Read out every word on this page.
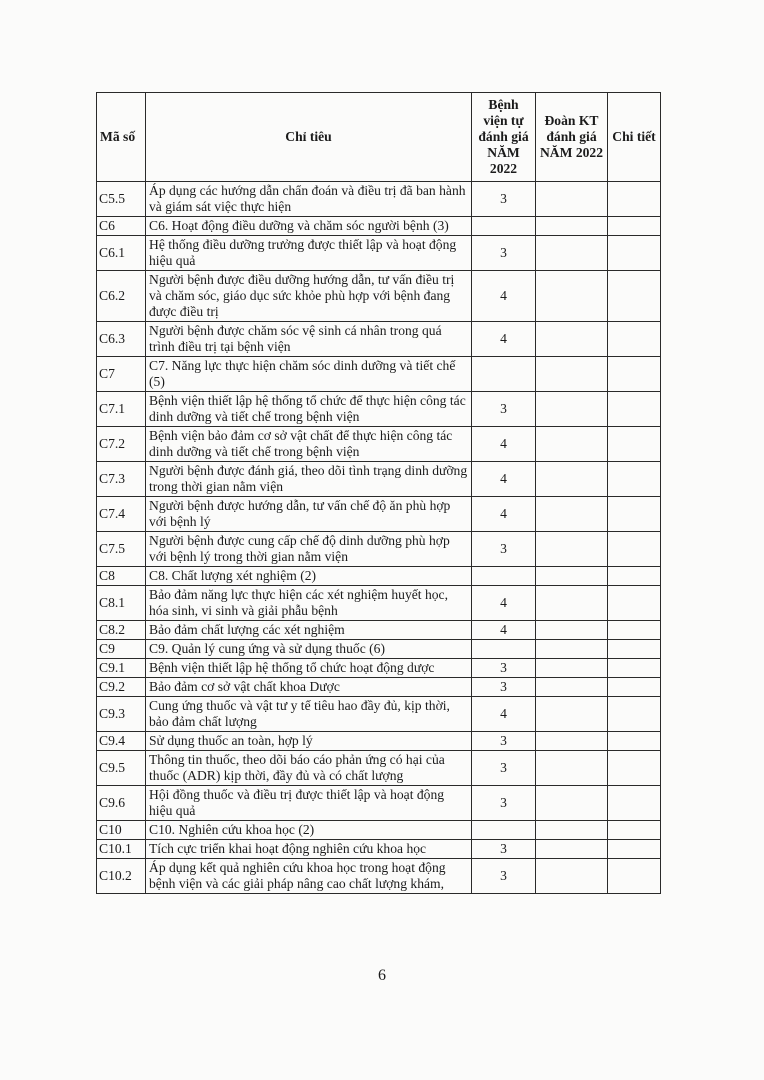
Mã số	Chỉ tiêu	Bệnh viện tự đánh giá NĂM 2022	Đoàn KT đánh giá NĂM 2022	Chi tiết
C5.5	Áp dụng các hướng dẫn chẩn đoán và điều trị đã ban hành và giám sát việc thực hiện	3		
C6	C6. Hoạt động điều dưỡng và chăm sóc người bệnh (3)			
C6.1	Hệ thống điều dưỡng trưởng được thiết lập và hoạt động hiệu quả	3		
C6.2	Người bệnh được điều dưỡng hướng dẫn, tư vấn điều trị và chăm sóc, giáo dục sức khỏe phù hợp với bệnh đang được điều trị	4		
C6.3	Người bệnh được chăm sóc vệ sinh cá nhân trong quá trình điều trị tại bệnh viện	4		
C7	C7. Năng lực thực hiện chăm sóc dinh dưỡng và tiết chế (5)			
C7.1	Bệnh viện thiết lập hệ thống tổ chức để thực hiện công tác dinh dưỡng và tiết chế trong bệnh viện	3		
C7.2	Bệnh viện bảo đảm cơ sở vật chất để thực hiện công tác dinh dưỡng và tiết chế trong bệnh viện	4		
C7.3	Người bệnh được đánh giá, theo dõi tình trạng dinh dưỡng trong thời gian nằm viện	4		
C7.4	Người bệnh được hướng dẫn, tư vấn chế độ ăn phù hợp với bệnh lý	4		
C7.5	Người bệnh được cung cấp chế độ dinh dưỡng phù hợp với bệnh lý trong thời gian nằm viện	3		
C8	C8. Chất lượng xét nghiệm (2)			
C8.1	Bảo đảm năng lực thực hiện các xét nghiệm huyết học, hóa sinh, vi sinh và giải phẫu bệnh	4		
C8.2	Bảo đảm chất lượng các xét nghiệm	4		
C9	C9. Quản lý cung ứng và sử dụng thuốc (6)			
C9.1	Bệnh viện thiết lập hệ thống tổ chức hoạt động dược	3		
C9.2	Bảo đảm cơ sở vật chất khoa Dược	3		
C9.3	Cung ứng thuốc và vật tư y tế tiêu hao đầy đủ, kịp thời, bảo đảm chất lượng	4		
C9.4	Sử dụng thuốc an toàn, hợp lý	3		
C9.5	Thông tin thuốc, theo dõi báo cáo phản ứng có hại của thuốc (ADR) kịp thời, đầy đủ và có chất lượng	3		
C9.6	Hội đồng thuốc và điều trị được thiết lập và hoạt động hiệu quả	3		
C10	C10. Nghiên cứu khoa học (2)			
C10.1	Tích cực triển khai hoạt động nghiên cứu khoa học	3		
C10.2	Áp dụng kết quả nghiên cứu khoa học trong hoạt động bệnh viện và các giải pháp nâng cao chất lượng khám,	3		
6
